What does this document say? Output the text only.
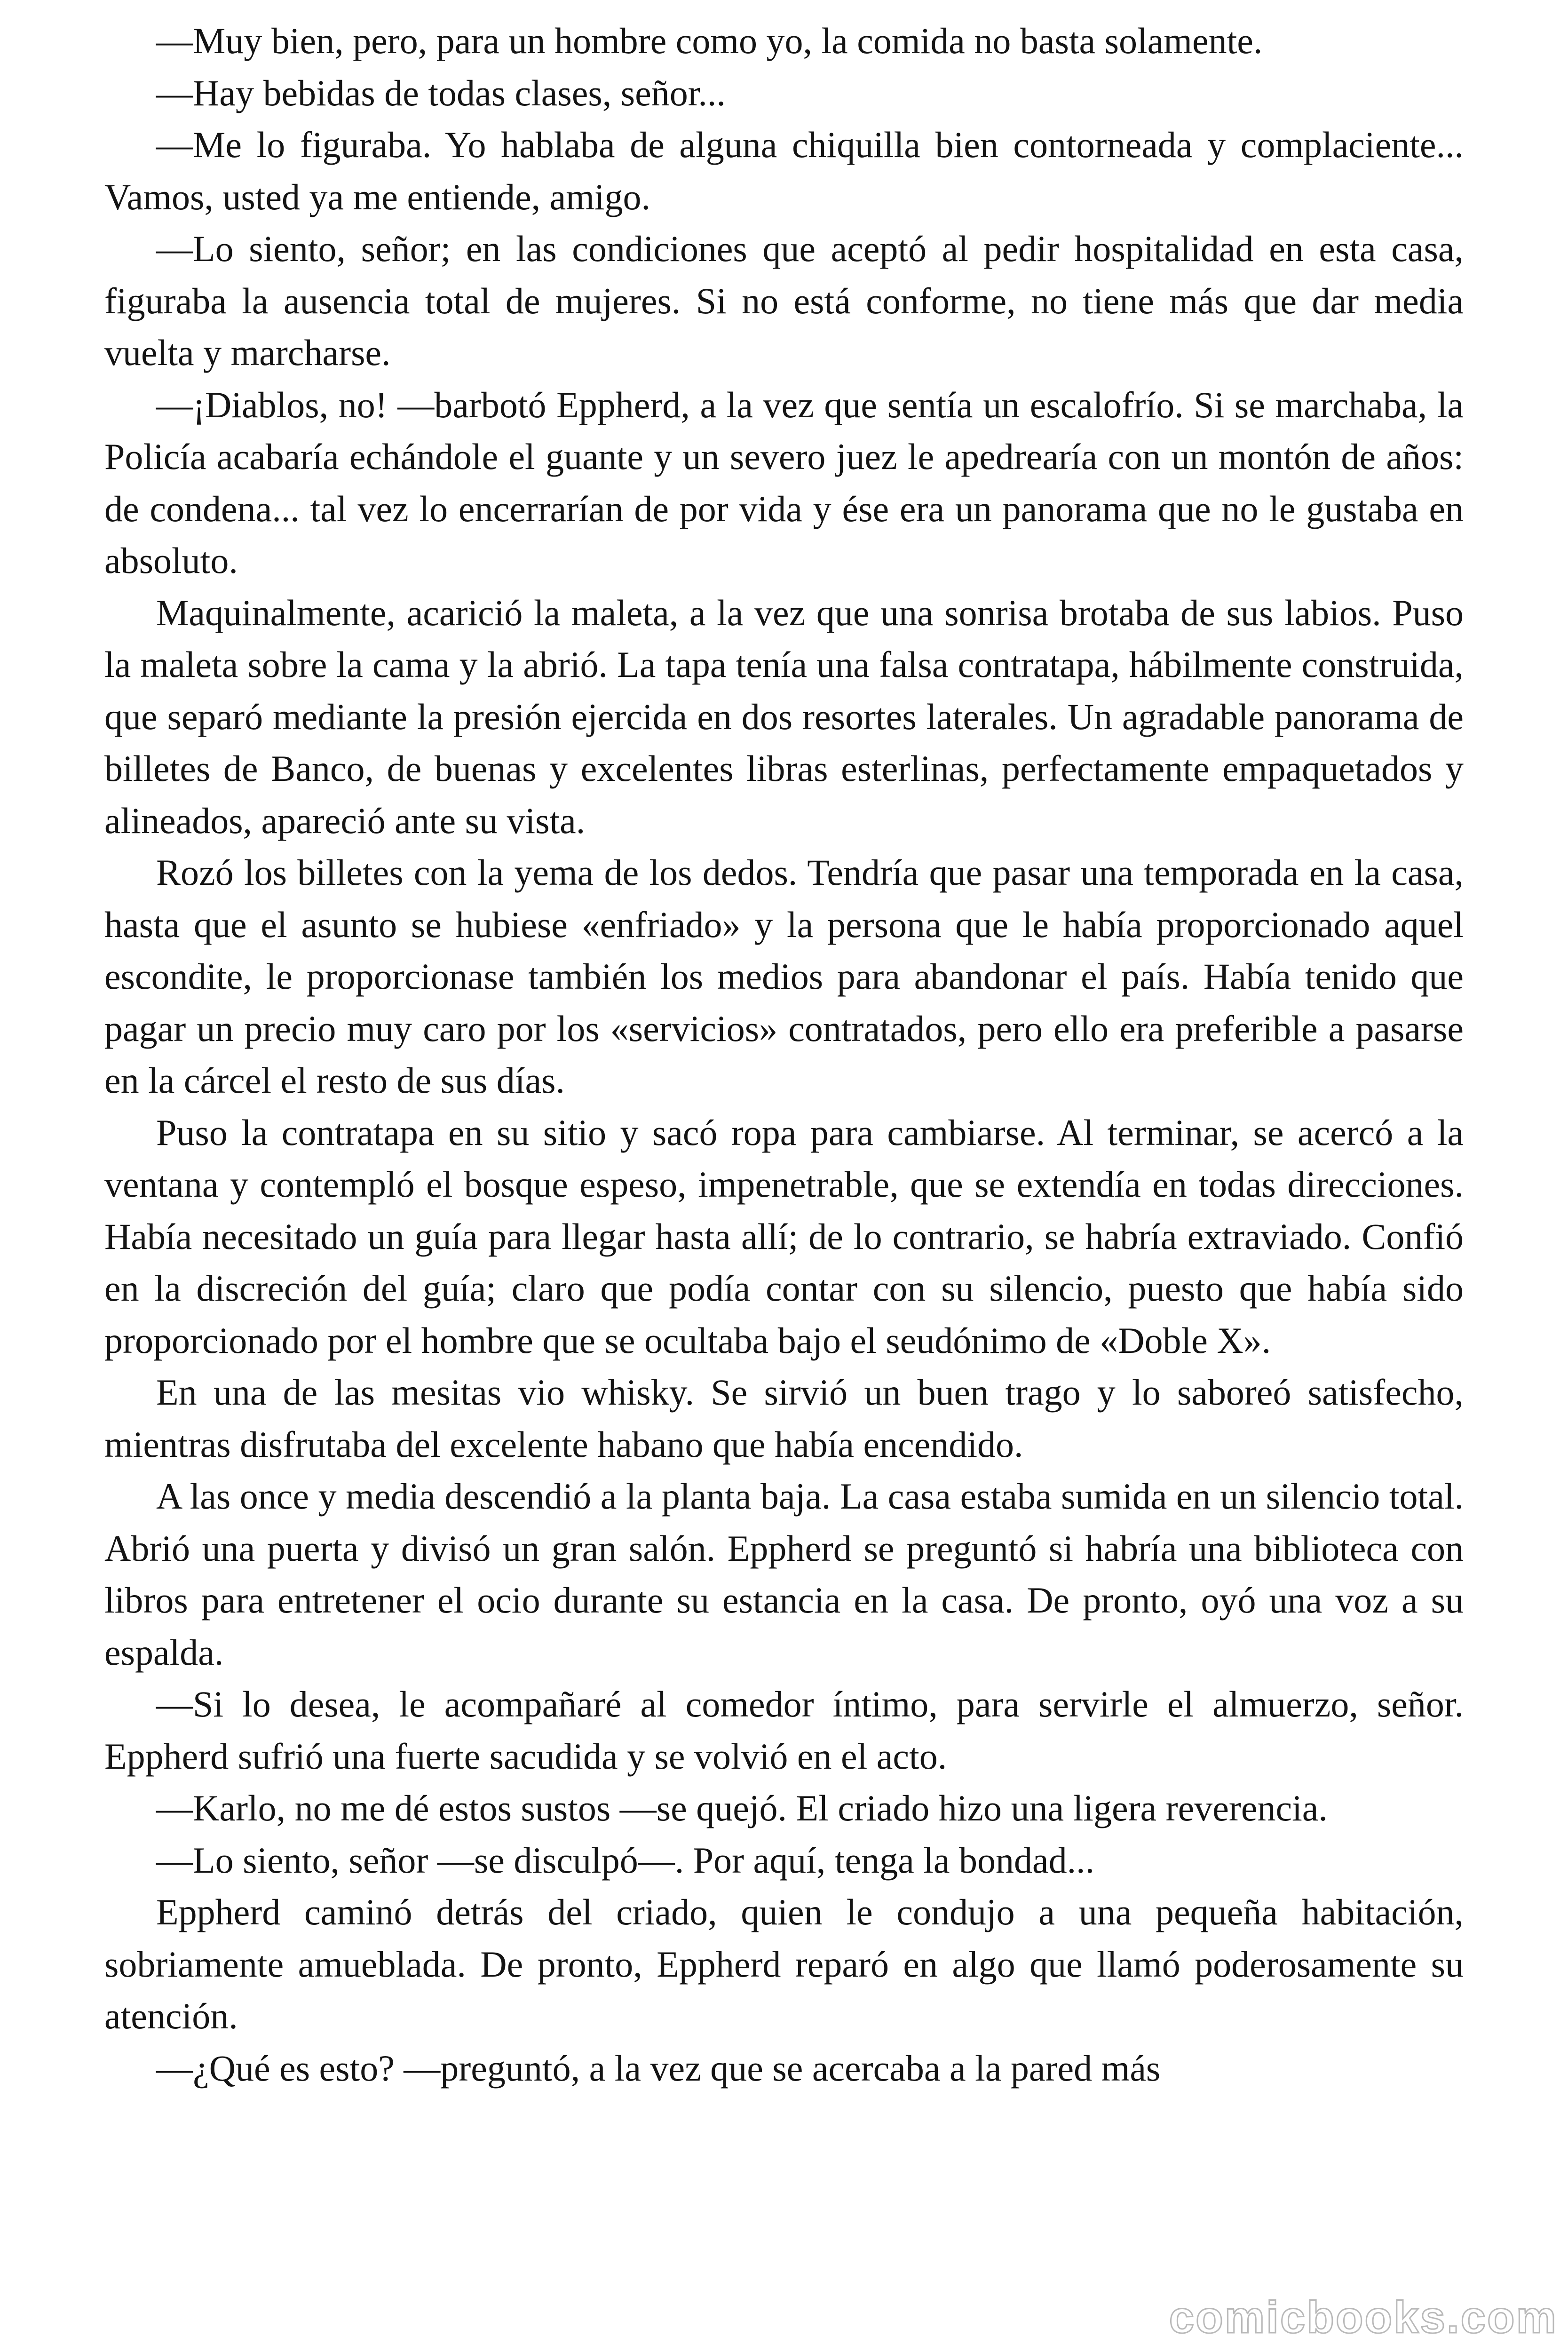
—Muy bien, pero, para un hombre como yo, la comida no basta solamente.

—Hay bebidas de todas clases, señor...

—Me lo figuraba. Yo hablaba de alguna chiquilla bien contorneada y complaciente... Vamos, usted ya me entiende, amigo.

—Lo siento, señor; en las condiciones que aceptó al pedir hospitalidad en esta casa, figuraba la ausencia total de mujeres. Si no está conforme, no tiene más que dar media vuelta y marcharse.

—¡Diablos, no! —barbotó Eppherd, a la vez que sentía un escalofrío. Si se marchaba, la Policía acabaría echándole el guante y un severo juez le apedrearía con un montón de años: de condena... tal vez lo encerrarían de por vida y ése era un panorama que no le gustaba en absoluto.

Maquinalmente, acarició la maleta, a la vez que una sonrisa brotaba de sus labios. Puso la maleta sobre la cama y la abrió. La tapa tenía una falsa contratapa, hábilmente construida, que separó mediante la presión ejercida en dos resortes laterales. Un agradable panorama de billetes de Banco, de buenas y excelentes libras esterlinas, perfectamente empaquetados y alineados, apareció ante su vista.

Rozó los billetes con la yema de los dedos. Tendría que pasar una temporada en la casa, hasta que el asunto se hubiese «enfriado» y la persona que le había proporcionado aquel escondite, le proporcionase también los medios para abandonar el país. Había tenido que pagar un precio muy caro por los «servicios» contratados, pero ello era preferible a pasarse en la cárcel el resto de sus días.

Puso la contratapa en su sitio y sacó ropa para cambiarse. Al terminar, se acercó a la ventana y contempló el bosque espeso, impenetrable, que se extendía en todas direcciones. Había necesitado un guía para llegar hasta allí; de lo contrario, se habría extraviado. Confió en la discreción del guía; claro que podía contar con su silencio, puesto que había sido proporcionado por el hombre que se ocultaba bajo el seudónimo de «Doble X».

En una de las mesitas vio whisky. Se sirvió un buen trago y lo saboreó satisfecho, mientras disfrutaba del excelente habano que había encendido.

A las once y media descendió a la planta baja. La casa estaba sumida en un silencio total. Abrió una puerta y divisó un gran salón. Eppherd se preguntó si habría una biblioteca con libros para entretener el ocio durante su estancia en la casa. De pronto, oyó una voz a su espalda.

—Si lo desea, le acompañaré al comedor íntimo, para servirle el almuerzo, señor. Eppherd sufrió una fuerte sacudida y se volvió en el acto.

—Karlo, no me dé estos sustos —se quejó. El criado hizo una ligera reverencia.

—Lo siento, señor —se disculpó—. Por aquí, tenga la bondad...

Eppherd caminó detrás del criado, quien le condujo a una pequeña habitación, sobriamente amueblada. De pronto, Eppherd reparó en algo que llamó poderosamente su atención.

—¿Qué es esto? —preguntó, a la vez que se acercaba a la pared más

comicbooks.com
